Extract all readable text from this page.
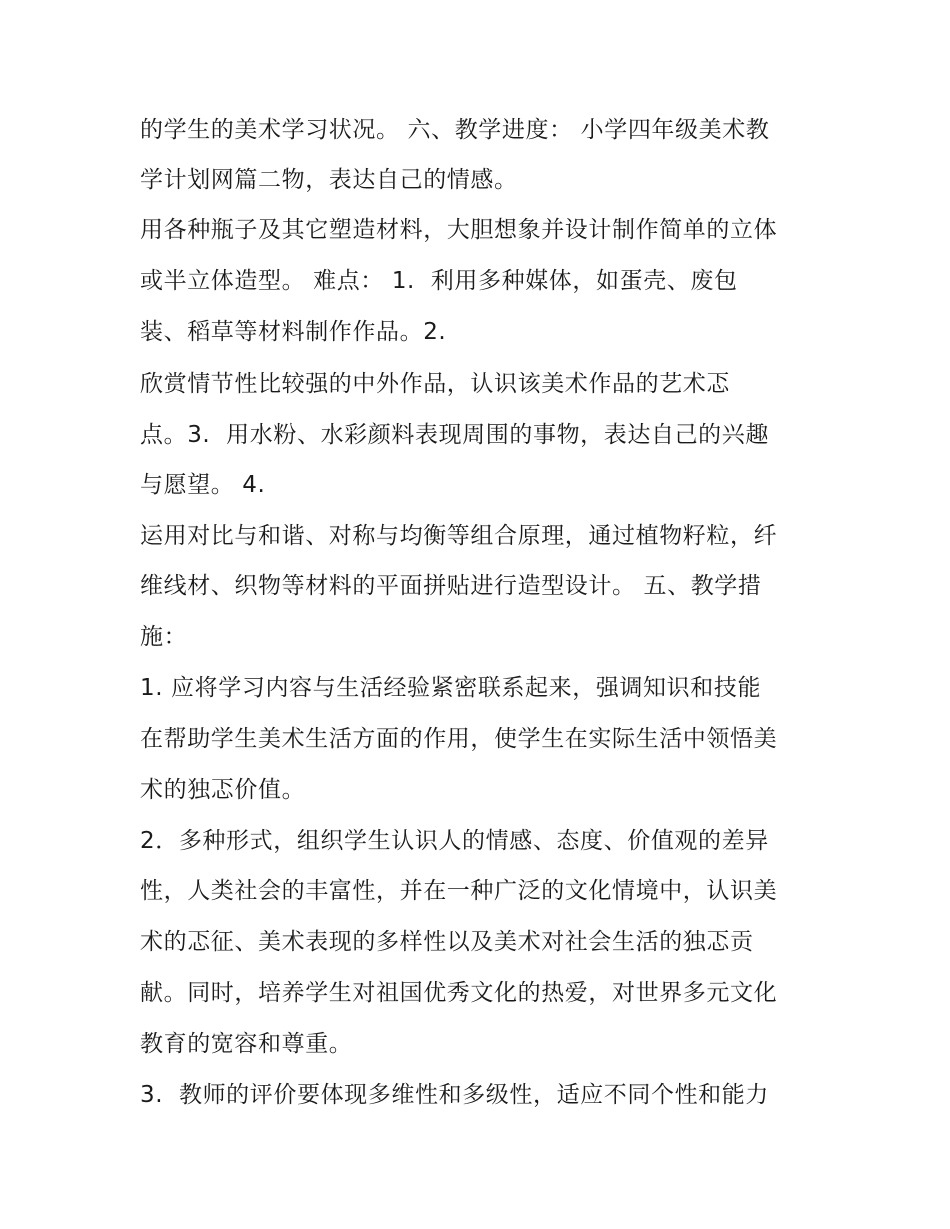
的学生的美术学习状况。 六、教学进度： 小学四年级美术教
学计划网篇二物，表达自己的情感。
用各种瓶子及其它塑造材料，大胆想象并设计制作简单的立体
或半立体造型。 难点： 1.  利用多种媒体，如蛋壳、废包
装、稻草等材料制作作品。2.
欣赏情节性比较强的中外作品，认识该美术作品的艺术忑
点。3.  用水粉、水彩颜料表现周围的事物，表达自己的兴趣
与愿望。 4.
运用对比与和谐、对称与均衡等组合原理，通过植物籽粒，纤
维线材、织物等材料的平面拼贴进行造型设计。 五、教学措
施：
1. 应将学习内容与生活经验紧密联系起来，强调知识和技能
在帮助学生美术生活方面的作用，使学生在实际生活中领悟美
术的独忑价值。
2．多种形式，组织学生认识人的情感、态度、价值观的差异
性，人类社会的丰富性，并在一种广泛的文化情境中，认识美
术的忑征、美术表现的多样性以及美术对社会生活的独忑贡
献。同时，培养学生对祖国优秀文化的热爱，对世界多元文化
教育的宽容和尊重。
3.  教师的评价要体现多维性和多级性，适应不同个性和能力
